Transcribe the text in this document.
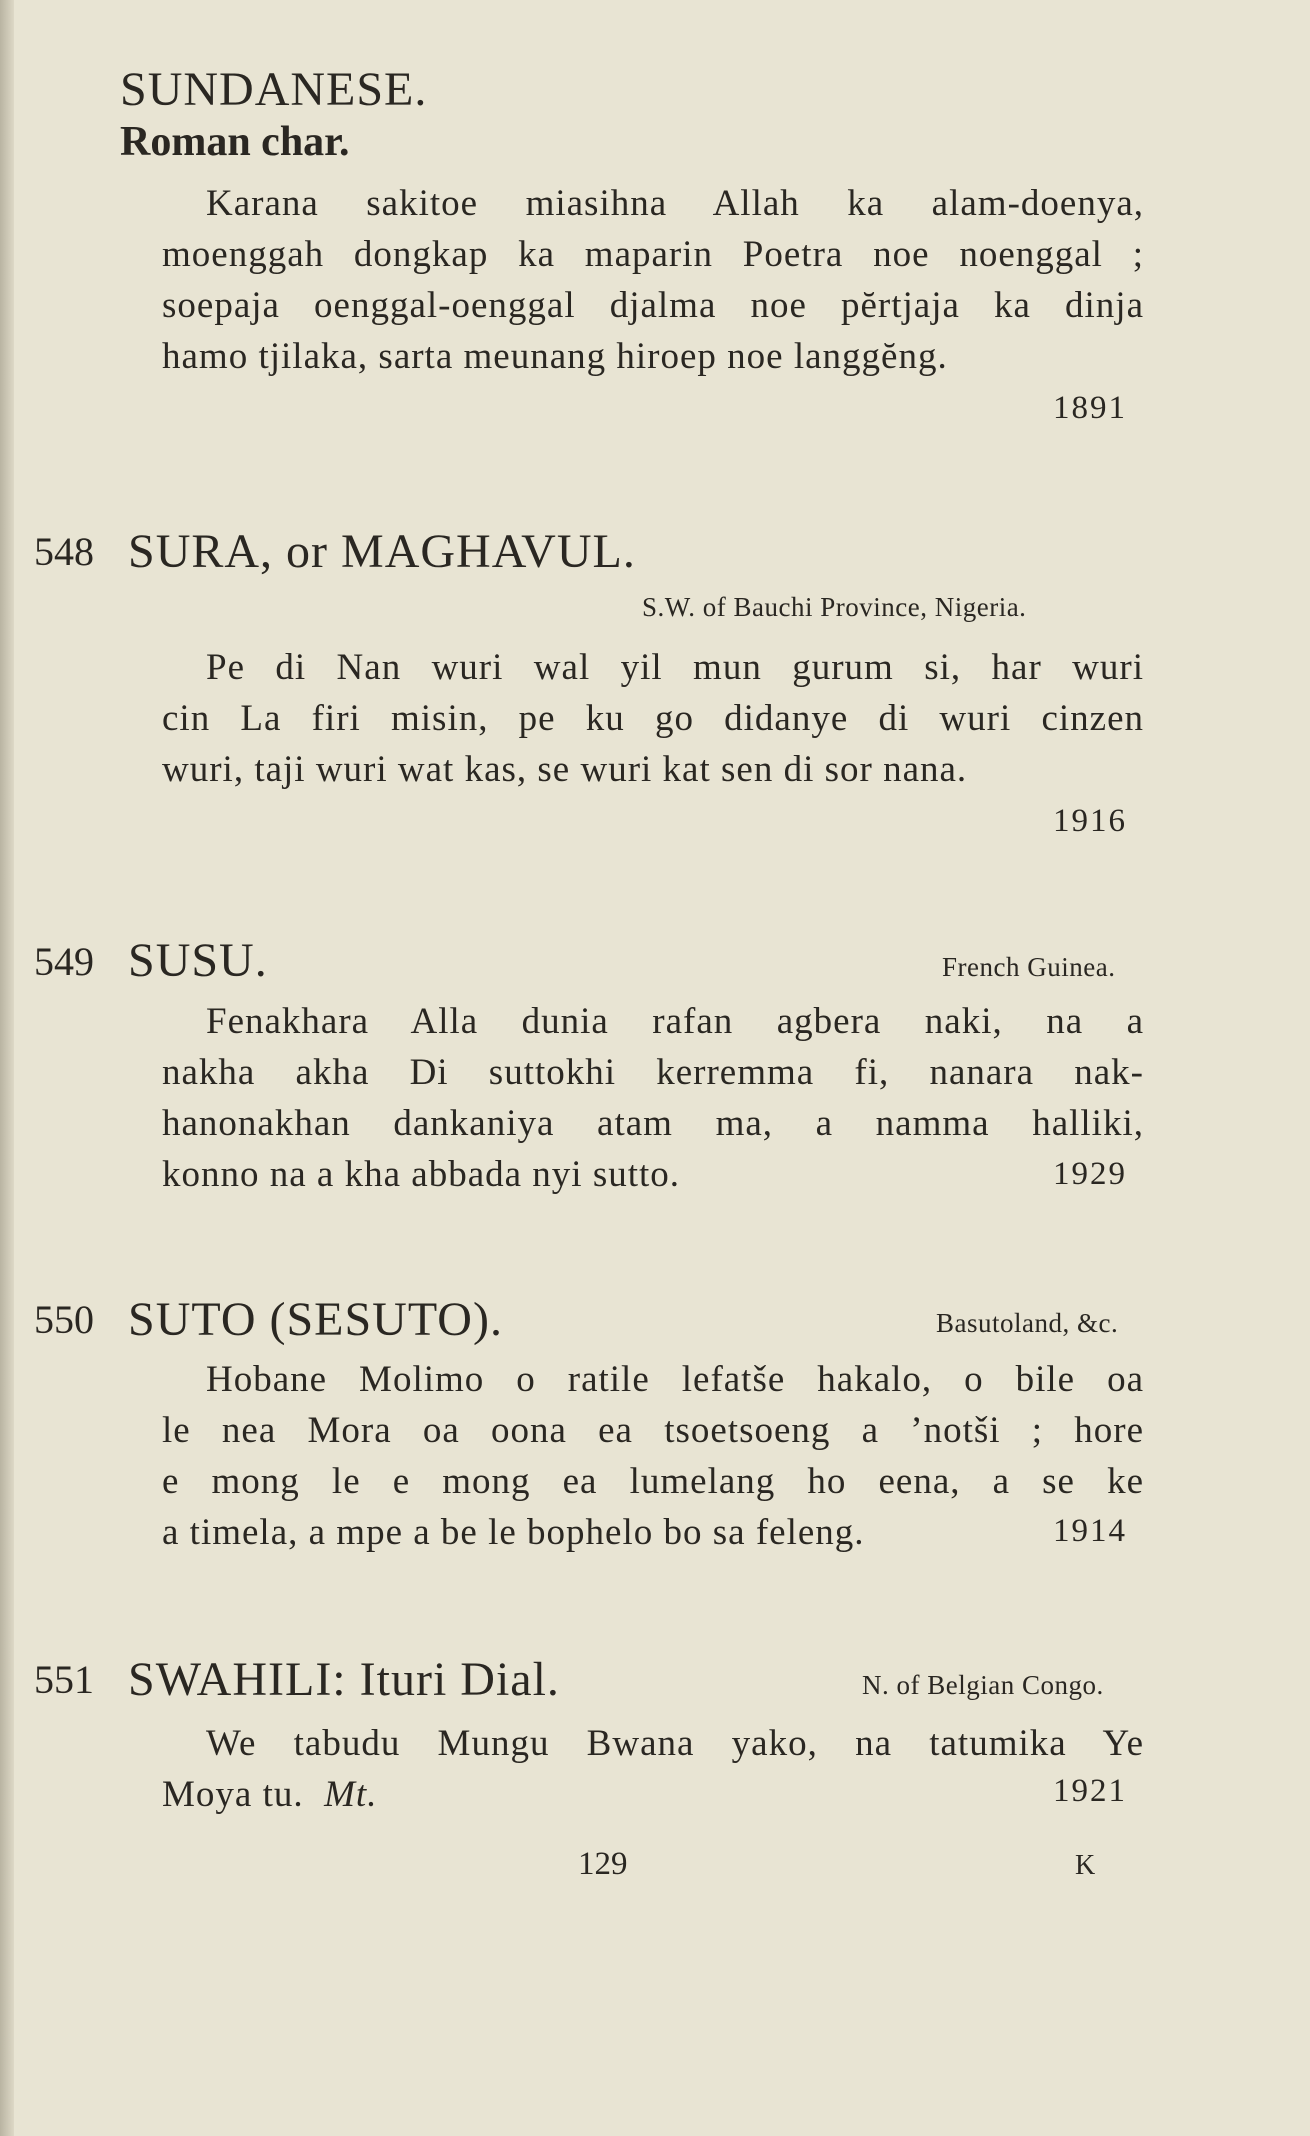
SUNDANESE.
Roman char.
Karana sakitoe miasihna Allah ka alam-doenya,
moenggah dongkap ka maparin Poetra noe noenggal ;
soepaja oenggal-oenggal djalma noe pĕrtjaja ka dinja
hamo tjilaka, sarta meunang hiroep noe langgĕng.
1891
548 SURA, or MAGHAVUL.
S.W. of Bauchi Province, Nigeria.
Pe di Nan wuri wal yil mun gurum si, har wuri
cin La firi misin, pe ku go didanye di wuri cinzen
wuri, taji wuri wat kas, se wuri kat sen di sor nana.
1916
549 SUSU.	French Guinea.
Fenakhara Alla dunia rafan agbera naki, na a
nakha akha Di suttokhi kerremma fi, nanara nak-
hanonakhan dankaniya atam ma, a namma halliki,
konno na a kha abbada nyi sutto.	1929
550 SUTO (SESUTO).	Basutoland, &c.
Hobane Molimo o ratile lefatše hakalo, o bile oa
le nea Mora oa oona ea tsoetsoeng a ’notši ; hore
e mong le e mong ea lumelang ho eena, a se ke
a timela, a mpe a be le bophelo bo sa feleng.	1914
551 SWAHILI: Ituri Dial.	N. of Belgian Congo.
We tabudu Mungu Bwana yako, na tatumika Ye
Moya tu. Mt.	1921
129	K
